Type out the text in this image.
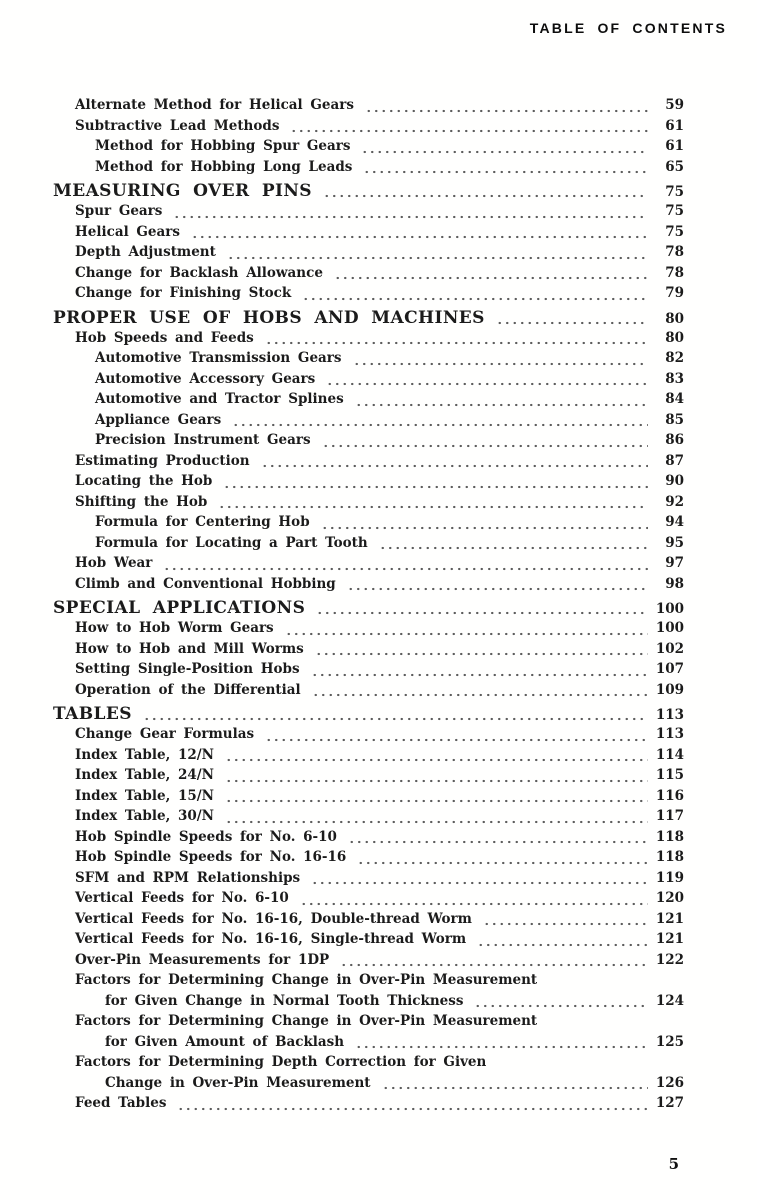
TABLE OF CONTENTS
Alternate Method for Helical Gears	59
Subtractive Lead Methods	61
Method for Hobbing Spur Gears	61
Method for Hobbing Long Leads	65
MEASURING OVER PINS	75
Spur Gears	75
Helical Gears	75
Depth Adjustment	78
Change for Backlash Allowance	78
Change for Finishing Stock	79
PROPER USE OF HOBS AND MACHINES	80
Hob Speeds and Feeds	80
Automotive Transmission Gears	82
Automotive Accessory Gears	83
Automotive and Tractor Splines	84
Appliance Gears	85
Precision Instrument Gears	86
Estimating Production	87
Locating the Hob	90
Shifting the Hob	92
Formula for Centering Hob	94
Formula for Locating a Part Tooth	95
Hob Wear	97
Climb and Conventional Hobbing	98
SPECIAL APPLICATIONS	100
How to Hob Worm Gears	100
How to Hob and Mill Worms	102
Setting Single-Position Hobs	107
Operation of the Differential	109
TABLES	113
Change Gear Formulas	113
Index Table, 12/N	114
Index Table, 24/N	115
Index Table, 15/N	116
Index Table, 30/N	117
Hob Spindle Speeds for No. 6-10	118
Hob Spindle Speeds for No. 16-16	118
SFM and RPM Relationships	119
Vertical Feeds for No. 6-10	120
Vertical Feeds for No. 16-16, Double-thread Worm	121
Vertical Feeds for No. 16-16, Single-thread Worm	121
Over-Pin Measurements for 1DP	122
Factors for Determining Change in Over-Pin Measurement
for Given Change in Normal Tooth Thickness	124
Factors for Determining Change in Over-Pin Measurement
for Given Amount of Backlash	125
Factors for Determining Depth Correction for Given
Change in Over-Pin Measurement	126
Feed Tables	127
5
